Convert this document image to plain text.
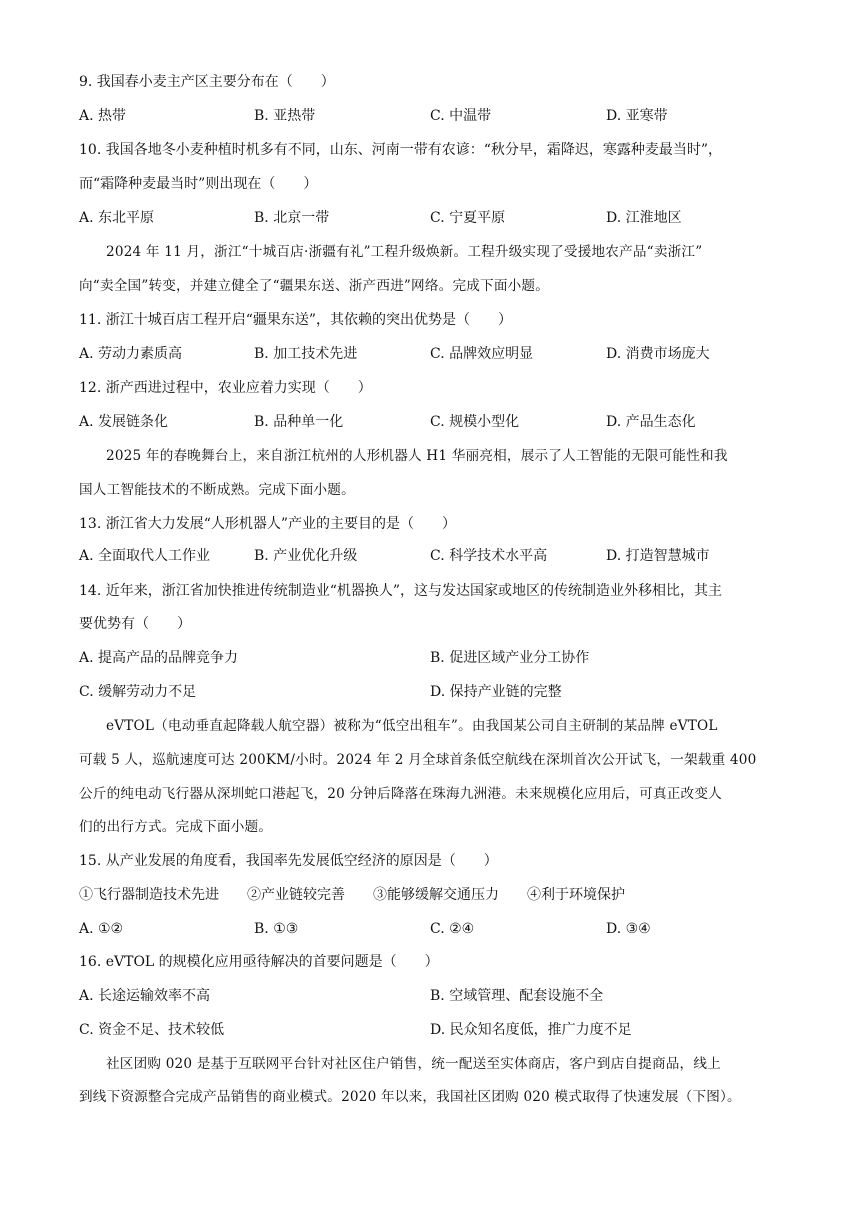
9. 我国春小麦主产区主要分布在（　　）
A. 热带	B. 亚热带	C. 中温带	D. 亚寒带
10. 我国各地冬小麦种植时机多有不同，山东、河南一带有农谚：“秋分早，霜降迟，寒露种麦最当时”，
而“霜降种麦最当时”则出现在（　　）
A. 东北平原	B. 北京一带	C. 宁夏平原	D. 江淮地区
2024 年 11 月，浙江“十城百店·浙疆有礼”工程升级焕新。工程升级实现了受援地农产品“卖浙江”
向“卖全国”转变，并建立健全了“疆果东送、浙产西进”网络。完成下面小题。
11. 浙江十城百店工程开启“疆果东送”，其依赖的突出优势是（　　）
A. 劳动力素质高	B. 加工技术先进	C. 品牌效应明显	D. 消费市场庞大
12. 浙产西进过程中，农业应着力实现（　　）
A. 发展链条化	B. 品种单一化	C. 规模小型化	D. 产品生态化
2025 年的春晚舞台上，来自浙江杭州的人形机器人 H1 华丽亮相，展示了人工智能的无限可能性和我
国人工智能技术的不断成熟。完成下面小题。
13. 浙江省大力发展“人形机器人”产业的主要目的是（　　）
A. 全面取代人工作业	B. 产业优化升级	C. 科学技术水平高	D. 打造智慧城市
14. 近年来，浙江省加快推进传统制造业“机器换人”，这与发达国家或地区的传统制造业外移相比，其主
要优势有（　　）
A. 提高产品的品牌竞争力	B. 促进区域产业分工协作
C. 缓解劳动力不足	D. 保持产业链的完整
eVTOL（电动垂直起降载人航空器）被称为“低空出租车”。由我国某公司自主研制的某品牌 eVTOL
可载 5 人，巡航速度可达 200KM/小时。2024 年 2 月全球首条低空航线在深圳首次公开试飞，一架载重 400
公斤的纯电动飞行器从深圳蛇口港起飞，20 分钟后降落在珠海九洲港。未来规模化应用后，可真正改变人
们的出行方式。完成下面小题。
15. 从产业发展的角度看，我国率先发展低空经济的原因是（　　）
①飞行器制造技术先进　　②产业链较完善　　③能够缓解交通压力　　④利于环境保护
A. ①②	B. ①③	C. ②④	D. ③④
16. eVTOL 的规模化应用亟待解决的首要问题是（　　）
A. 长途运输效率不高	B. 空域管理、配套设施不全
C. 资金不足、技术较低	D. 民众知名度低，推广力度不足
社区团购 020 是基于互联网平台针对社区住户销售，统一配送至实体商店，客户到店自提商品，线上
到线下资源整合完成产品销售的商业模式。2020 年以来，我国社区团购 020 模式取得了快速发展（下图）。
